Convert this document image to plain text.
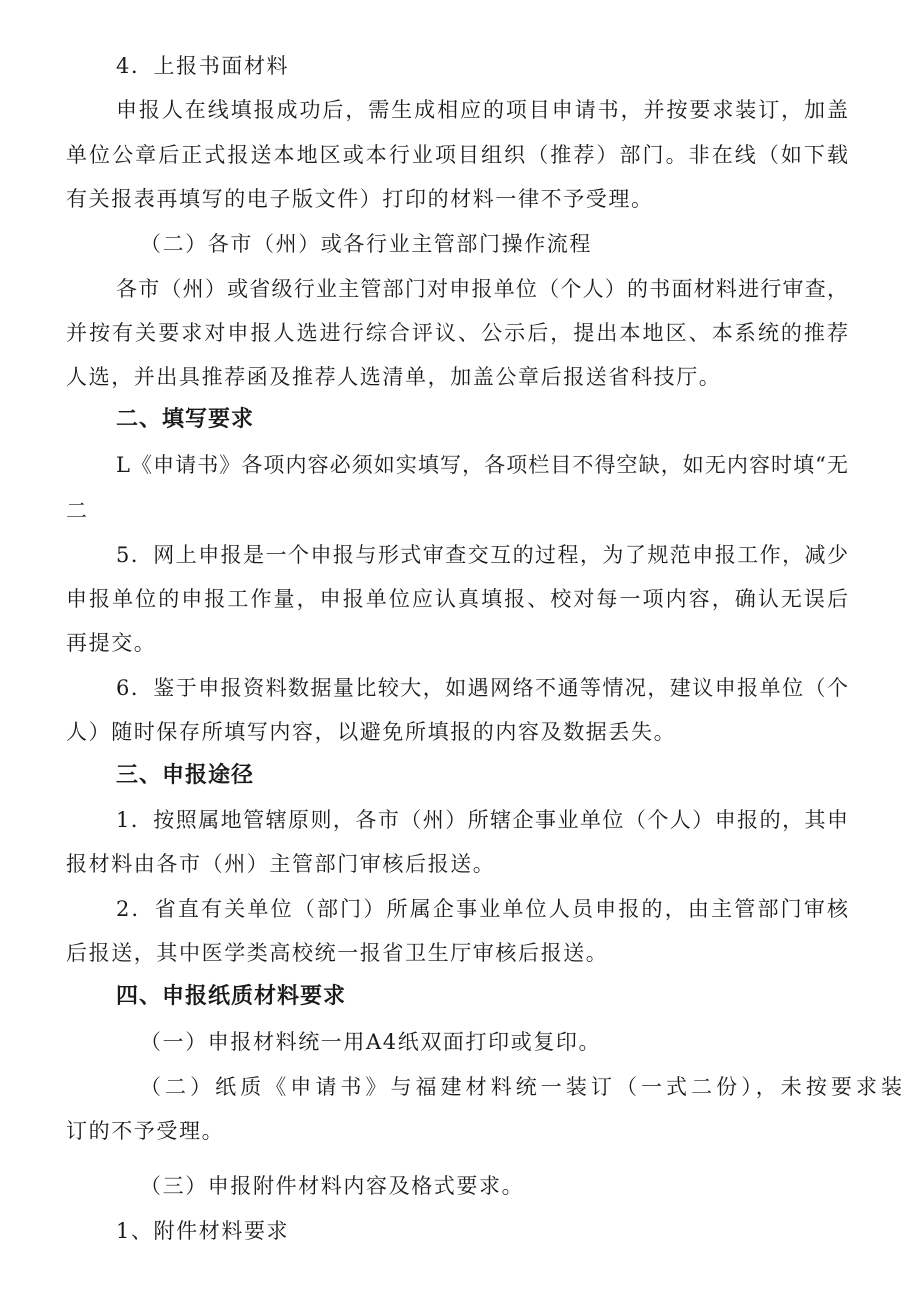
4．上报书面材料
申报人在线填报成功后，需生成相应的项目申请书，并按要求装订，加盖
单位公章后正式报送本地区或本行业项目组织（推荐）部门。非在线（如下载
有关报表再填写的电子版文件）打印的材料一律不予受理。
（二）各市（州）或各行业主管部门操作流程
各市（州）或省级行业主管部门对申报单位（个人）的书面材料进行审查，
并按有关要求对申报人选进行综合评议、公示后，提出本地区、本系统的推荐
人选，并出具推荐函及推荐人选清单，加盖公章后报送省科技厅。
二、填写要求
L《申请书》各项内容必须如实填写，各项栏目不得空缺，如无内容时填“无
二
5．网上申报是一个申报与形式审查交互的过程，为了规范申报工作，减少
申报单位的申报工作量，申报单位应认真填报、校对每一项内容，确认无误后
再提交。
6．鉴于申报资料数据量比较大，如遇网络不通等情况，建议申报单位（个
人）随时保存所填写内容，以避免所填报的内容及数据丢失。
三、申报途径
1．按照属地管辖原则，各市（州）所辖企事业单位（个人）申报的，其申
报材料由各市（州）主管部门审核后报送。
2．省直有关单位（部门）所属企事业单位人员申报的，由主管部门审核
后报送，其中医学类高校统一报省卫生厅审核后报送。
四、申报纸质材料要求
（一）申报材料统一用A4纸双面打印或复印。
（二）纸质《申请书》与福建材料统一装订（一式二份），未按要求装
订的不予受理。
（三）申报附件材料内容及格式要求。
1、附件材料要求
